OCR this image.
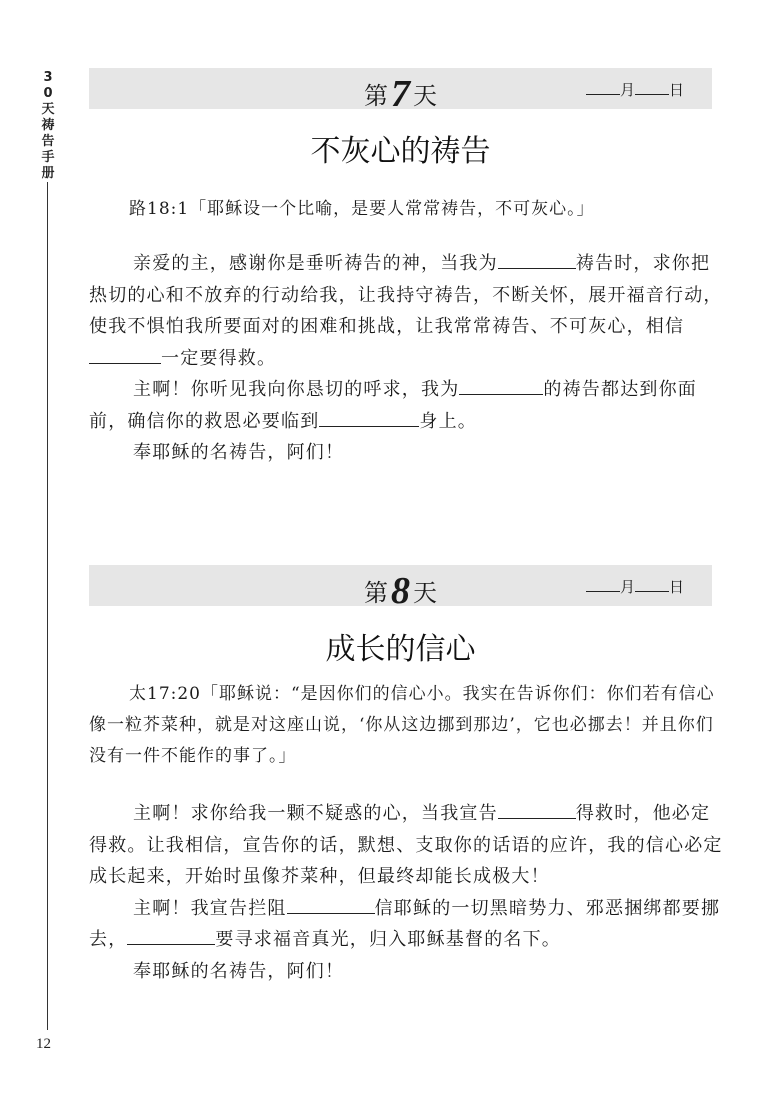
3
0
天
祷
告
手
册
12
第7 天	月 日
不灰心的祷告
路18:1「耶稣设一个比喻，是要人常常祷告，不可灰心。」

亲爱的主，感谢你是垂听祷告的神，当我为	祷告时，求你把热切的心和不放弃的行动给我，让我持守祷告，不断关怀，展开福音行动，使我不惧怕我所要面对的困难和挑战，让我常常祷告、不可灰心，相信一定要得救。

主啊！你听见我向你恳切的呼求，我为	的祷告都达到你面前，确信你的救恩必要临到	身上。

奉耶稣的名祷告，阿们！

第8 天	月 日
成长的信心
太17:20「耶稣说：“是因你们的信心小。我实在告诉你们：你们若有信心像一粒芥菜种，就是对这座山说，‘你从这边挪到那边’，它也必挪去！并且你们没有一件不能作的事了。」

主啊！求你给我一颗不疑惑的心，当我宣告	得救时，他必定得救。让我相信，宣告你的话，默想、支取你的话语的应许，我的信心必定成长起来，开始时虽像芥菜种，但最终却能长成极大！

主啊！我宣告拦阻	信耶稣的一切黑暗势力、邪恶捆绑都要挪去，	要寻求福音真光，归入耶稣基督的名下。

奉耶稣的名祷告，阿们！
